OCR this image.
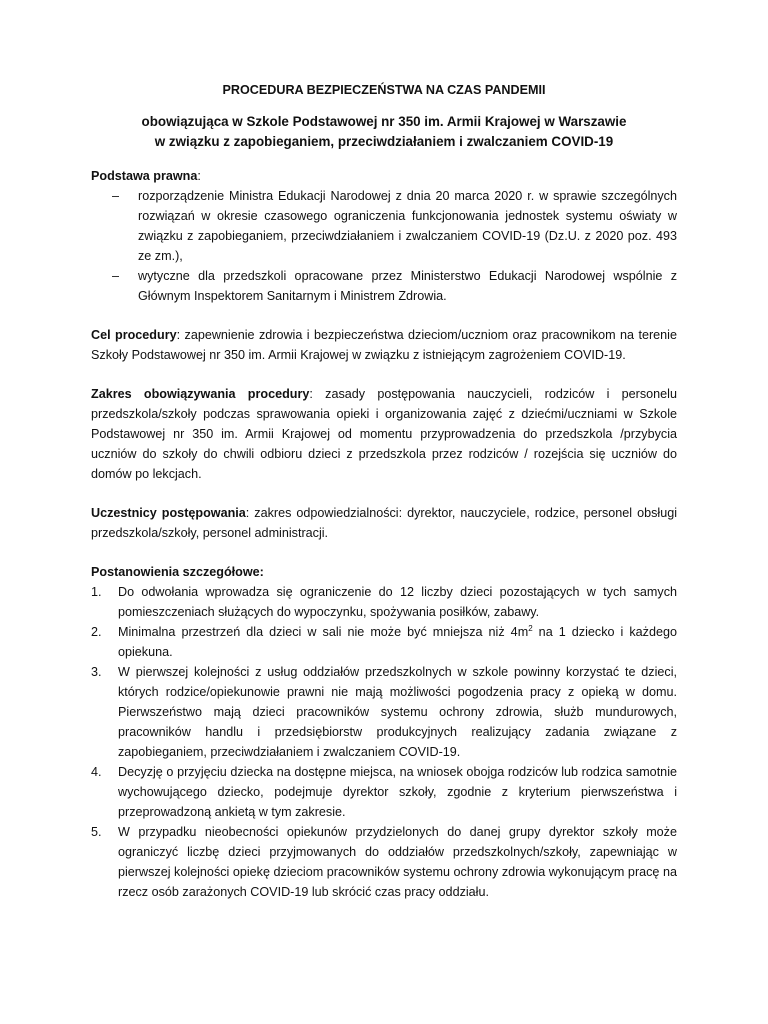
PROCEDURA BEZPIECZEŃSTWA NA CZAS PANDEMII

obowiązująca w Szkole Podstawowej nr 350 im. Armii Krajowej w Warszawie
w związku z zapobieganiem, przeciwdziałaniem i zwalczaniem COVID-19
Podstawa prawna:
– rozporządzenie Ministra Edukacji Narodowej z dnia 20 marca 2020 r. w sprawie szczególnych rozwiązań w okresie czasowego ograniczenia funkcjonowania jednostek systemu oświaty w związku z zapobieganiem, przeciwdziałaniem i zwalczaniem COVID-19 (Dz.U. z 2020 poz. 493 ze zm.),
– wytyczne dla przedszkoli opracowane przez Ministerstwo Edukacji Narodowej wspólnie z Głównym Inspektorem Sanitarnym i Ministrem Zdrowia.

Cel procedury: zapewnienie zdrowia i bezpieczeństwa dzieciom/uczniom oraz pracownikom na terenie Szkoły Podstawowej nr 350 im. Armii Krajowej w związku z istniejącym zagrożeniem COVID-19.

Zakres obowiązywania procedury: zasady postępowania nauczycieli, rodziców i personelu przedszkola/szkoły podczas sprawowania opieki i organizowania zajęć z dziećmi/uczniami w Szkole Podstawowej nr 350 im. Armii Krajowej od momentu przyprowadzenia do przedszkola /przybycia uczniów do szkoły do chwili odbioru dzieci z przedszkola przez rodziców / rozejścia się uczniów do domów po lekcjach.

Uczestnicy postępowania: zakres odpowiedzialności: dyrektor, nauczyciele, rodzice, personel obsługi przedszkola/szkoły, personel administracji.

Postanowienia szczegółowe:
1. Do odwołania wprowadza się ograniczenie do 12 liczby dzieci pozostających w tych samych pomieszczeniach służących do wypoczynku, spożywania posiłków, zabawy.
2. Minimalna przestrzeń dla dzieci w sali nie może być mniejsza niż $4m^2$ na 1 dziecko i każdego opiekuna.
3. W pierwszej kolejności z usług oddziałów przedszkolnych w szkole powinny korzystać te dzieci, których rodzice/opiekunowie prawni nie mają możliwości pogodzenia pracy z opieką w domu. Pierwszeństwo mają dzieci pracowników systemu ochrony zdrowia, służb mundurowych, pracowników handlu i przedsiębiorstw produkcyjnych realizujący zadania związane z zapobieganiem, przeciwdziałaniem i zwalczaniem COVID-19.
4. Decyzję o przyjęciu dziecka na dostępne miejsca, na wniosek obojga rodziców lub rodzica samotnie wychowującego dziecko, podejmuje dyrektor szkoły, zgodnie z kryterium pierwszeństwa i przeprowadzoną ankietą w tym zakresie.
5. W przypadku nieobecności opiekunów przydzielonych do danej grupy dyrektor szkoły może ograniczyć liczbę dzieci przyjmowanych do oddziałów przedszkolnych/szkoły, zapewniając w pierwszej kolejności opiekę dzieciom pracowników systemu ochrony zdrowia wykonującym pracę na rzecz osób zarażonych COVID-19 lub skrócić czas pracy oddziału.
